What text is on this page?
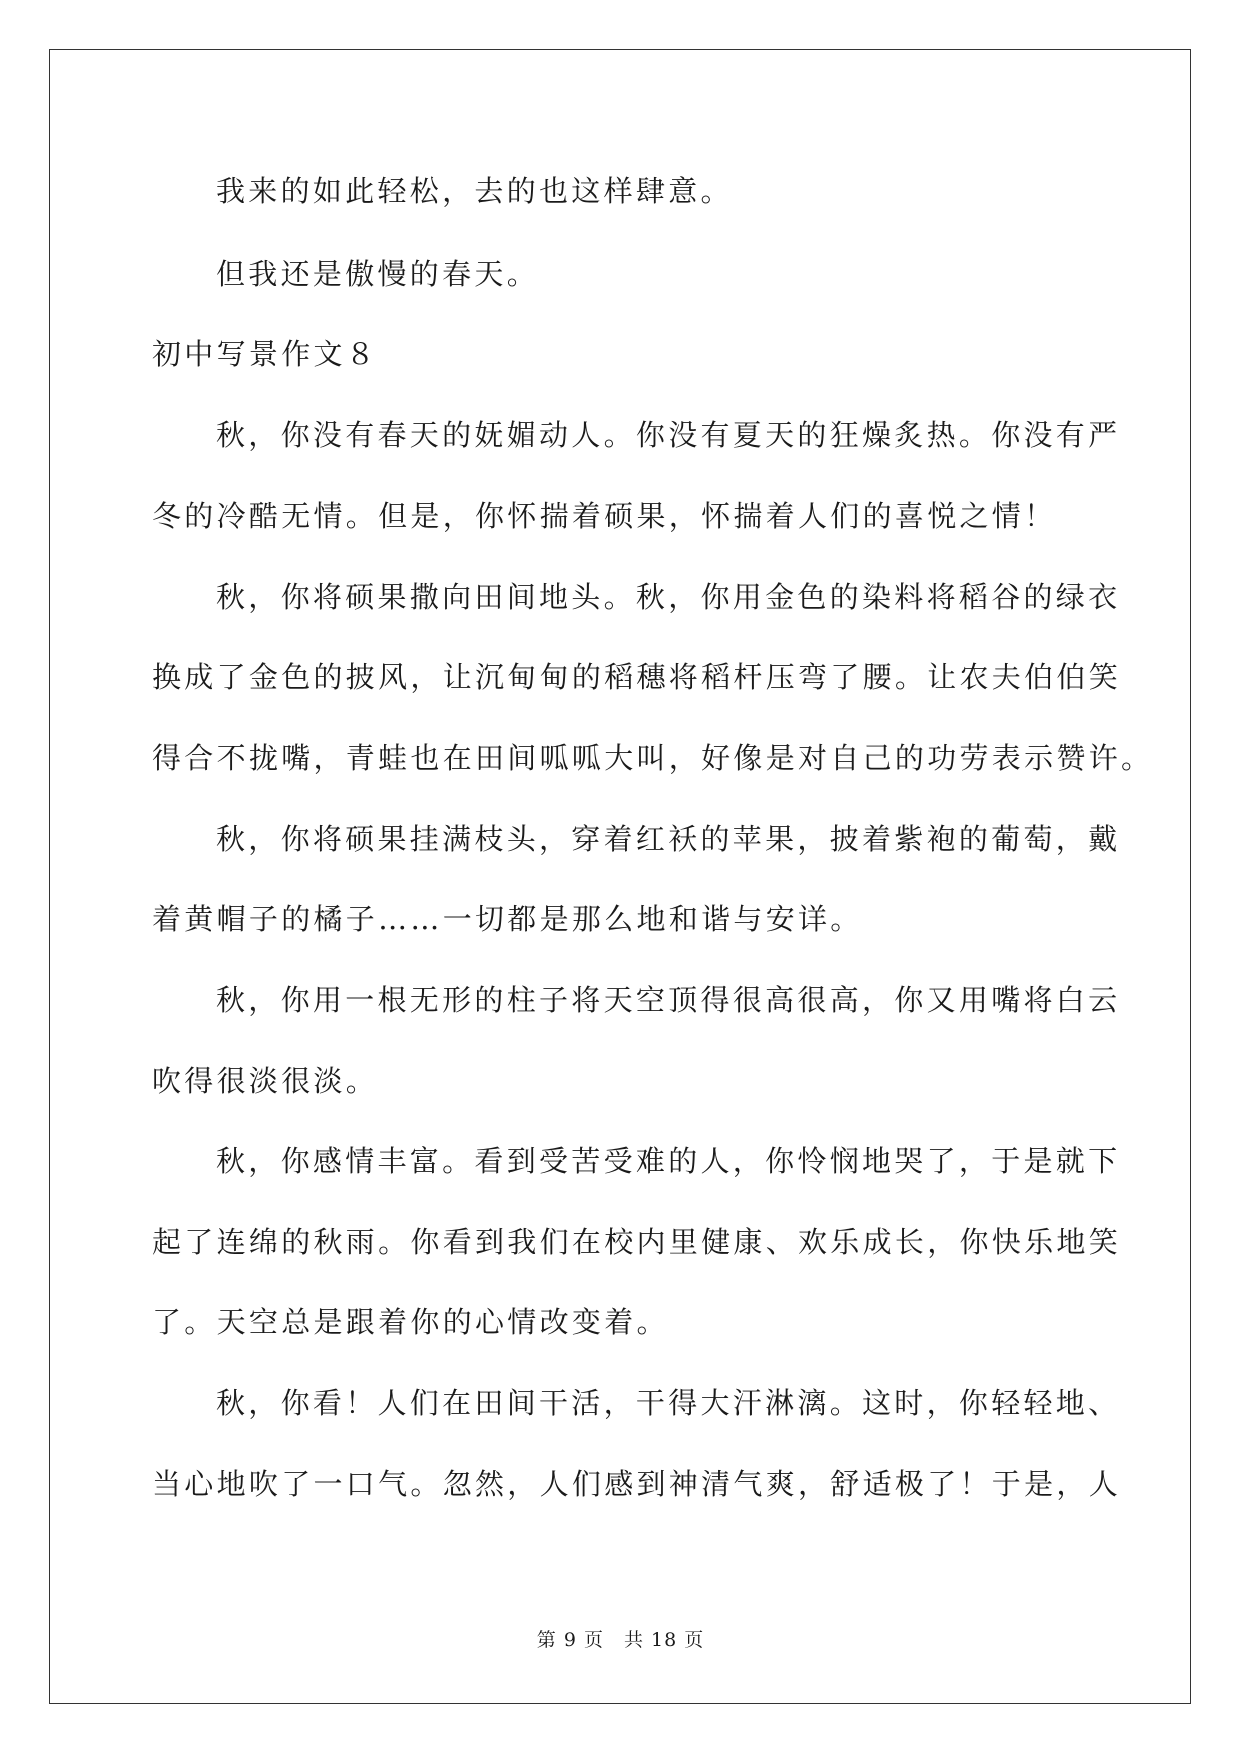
我来的如此轻松，去的也这样肆意。
但我还是傲慢的春天。
初中写景作文８
秋，你没有春天的妩媚动人。你没有夏天的狂燥炙热。你没有严
冬的冷酷无情。但是，你怀揣着硕果，怀揣着人们的喜悦之情！
秋，你将硕果撒向田间地头。秋，你用金色的染料将稻谷的绿衣
换成了金色的披风，让沉甸甸的稻穗将稻杆压弯了腰。让农夫伯伯笑
得合不拢嘴，青蛙也在田间呱呱大叫，好像是对自己的功劳表示赞许。
秋，你将硕果挂满枝头，穿着红袄的苹果，披着紫袍的葡萄，戴
着黄帽子的橘子……一切都是那么地和谐与安详。
秋，你用一根无形的柱子将天空顶得很高很高，你又用嘴将白云
吹得很淡很淡。
秋，你感情丰富。看到受苦受难的人，你怜悯地哭了，于是就下
起了连绵的秋雨。你看到我们在校内里健康、欢乐成长，你快乐地笑
了。天空总是跟着你的心情改变着。
秋，你看！人们在田间干活，干得大汗淋漓。这时，你轻轻地、
当心地吹了一口气。忽然，人们感到神清气爽，舒适极了！于是，人
第 9 页 共 18 页
